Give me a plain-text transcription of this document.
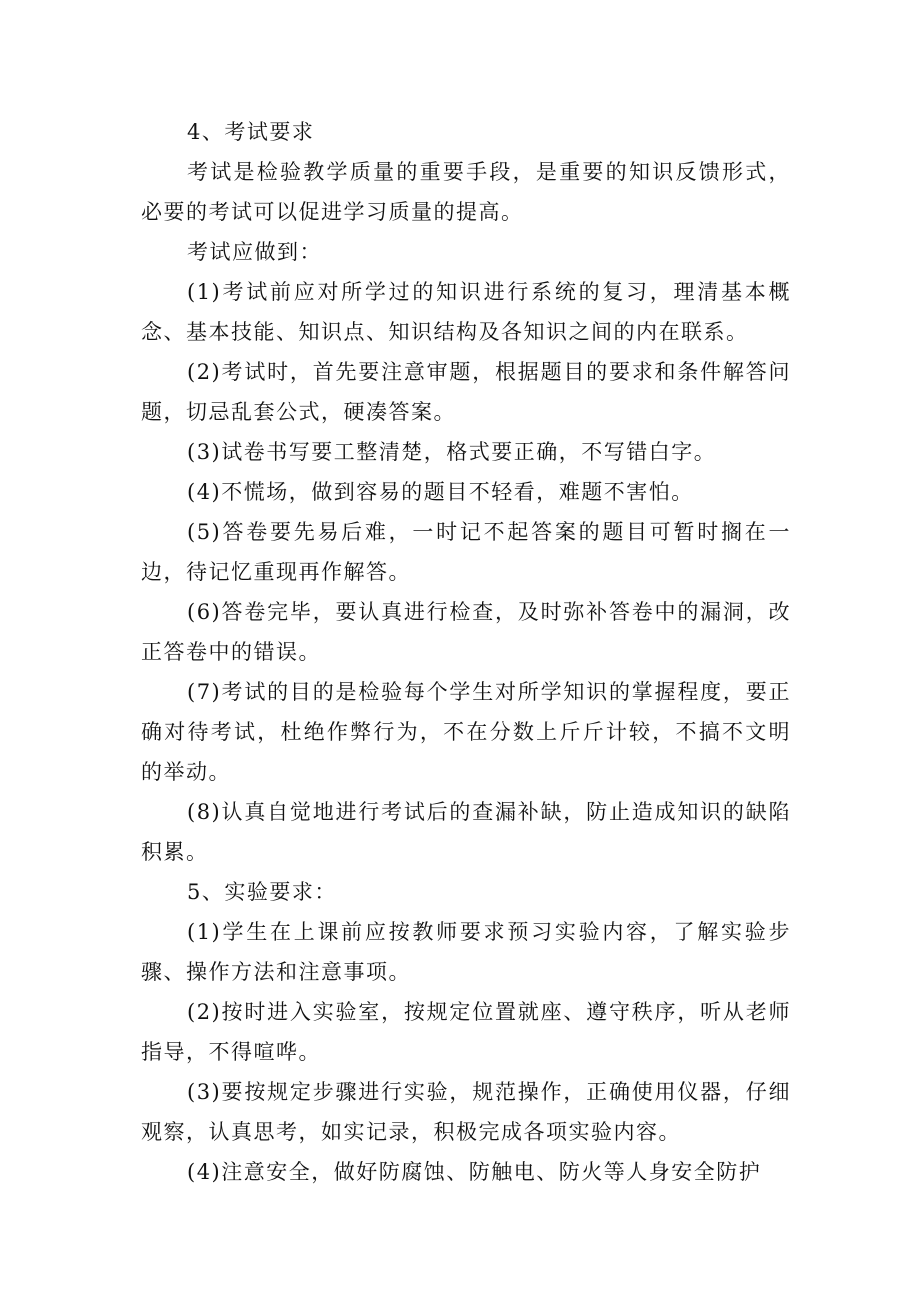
4、考试要求

考试是检验教学质量的重要手段，是重要的知识反馈形式，必要的考试可以促进学习质量的提高。

考试应做到：

(1)考试前应对所学过的知识进行系统的复习，理清基本概念、基本技能、知识点、知识结构及各知识之间的内在联系。

(2)考试时，首先要注意审题，根据题目的要求和条件解答问题，切忌乱套公式，硬凑答案。

(3)试卷书写要工整清楚，格式要正确，不写错白字。

(4)不慌场，做到容易的题目不轻看，难题不害怕。

(5)答卷要先易后难，一时记不起答案的题目可暂时搁在一边，待记忆重现再作解答。

(6)答卷完毕，要认真进行检查，及时弥补答卷中的漏洞，改正答卷中的错误。

(7)考试的目的是检验每个学生对所学知识的掌握程度，要正确对待考试，杜绝作弊行为，不在分数上斤斤计较，不搞不文明的举动。

(8)认真自觉地进行考试后的查漏补缺，防止造成知识的缺陷积累。

5、实验要求：

(1)学生在上课前应按教师要求预习实验内容，了解实验步骤、操作方法和注意事项。

(2)按时进入实验室，按规定位置就座、遵守秩序，听从老师指导，不得喧哗。

(3)要按规定步骤进行实验，规范操作，正确使用仪器，仔细观察，认真思考，如实记录，积极完成各项实验内容。

(4)注意安全，做好防腐蚀、防触电、防火等人身安全防护
